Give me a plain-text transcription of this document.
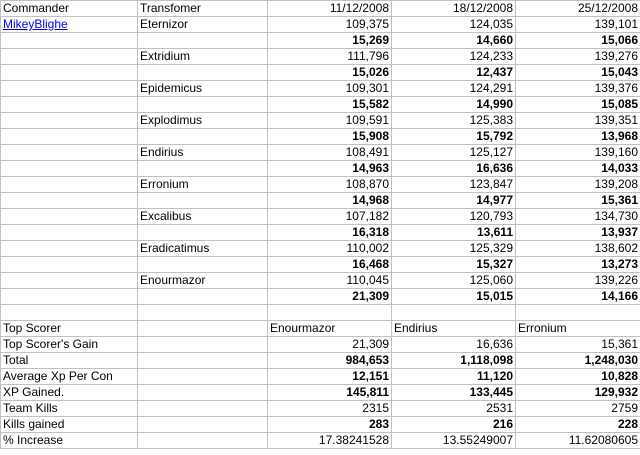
Commander	Transfomer	11/12/2008	18/12/2008	25/12/2008
MikeyBlighe	Eternizor	109,375	124,035	139,101
		15,269	14,660	15,066
	Extridium	111,796	124,233	139,276
		15,026	12,437	15,043
	Epidemicus	109,301	124,291	139,376
		15,582	14,990	15,085
	Explodimus	109,591	125,383	139,351
		15,908	15,792	13,968
	Endirius	108,491	125,127	139,160
		14,963	16,636	14,033
	Erronium	108,870	123,847	139,208
		14,968	14,977	15,361
	Excalibus	107,182	120,793	134,730
		16,318	13,611	13,937
	Eradicatimus	110,002	125,329	138,602
		16,468	15,327	13,273
	Enourmazor	110,045	125,060	139,226
		21,309	15,015	14,166

Top Scorer		Enourmazor	Endirius	Erronium
Top Scorer's Gain		21,309	16,636	15,361
Total		984,653	1,118,098	1,248,030
Average Xp Per Con		12,151	11,120	10,828
XP Gained.		145,811	133,445	129,932
Team Kills		2315	2531	2759
Kills gained		283	216	228
% Increase		17.38241528	13.55249007	11.62080605
